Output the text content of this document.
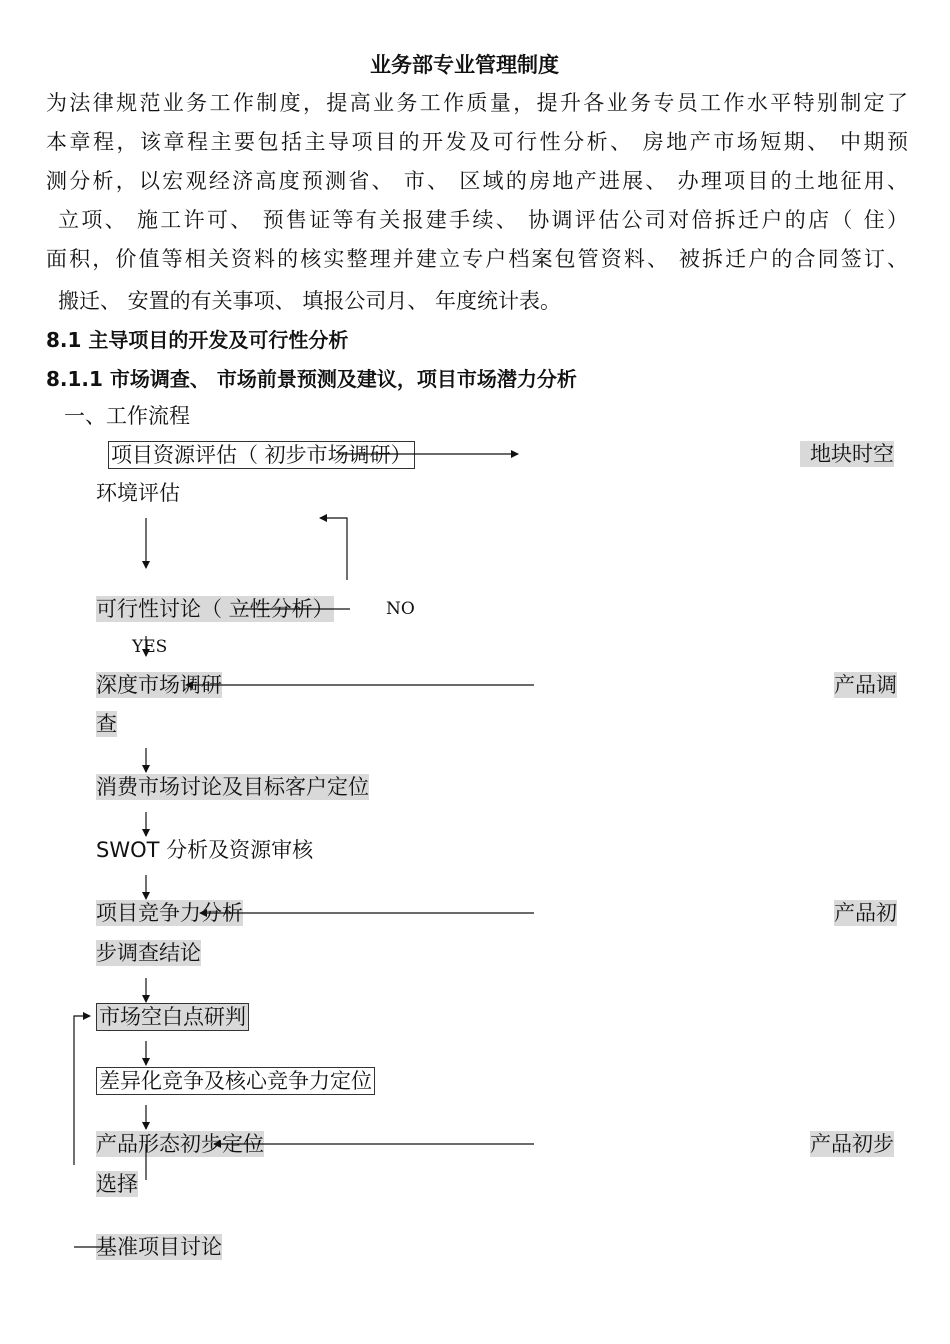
业务部专业管理制度
为法律规范业务工作制度，提高业务工作质量，提升各业务专员工作水平特别制定了
本章程，该章程主要包括主导项目的开发及可行性分析、 房地产市场短期、 中期预
测分析，以宏观经济高度预测省、 市、 区域的房地产进展、 办理项目的土地征用、
立项、 施工许可、 预售证等有关报建手续、 协调评估公司对倍拆迁户的店（ 住）
面积，价值等相关资料的核实整理并建立专户档案包管资料、 被拆迁户的合同签订、
搬迁、 安置的有关事项、 填报公司月、 年度统计表。
8.1 主导项目的开发及可行性分析
8.1.1 市场调查、 市场前景预测及建议，项目市场潜力分析
一、工作流程
项目资源评估（ 初步市场调研）	地块时空
环境评估
可行性讨论（ 立性分析）	NO
YES
深度市场调研	产品调
查
消费市场讨论及目标客户定位
SWOT 分析及资源审核
项目竞争力分析	产品初
步调查结论
市场空白点研判
差异化竞争及核心竞争力定位
产品形态初步定位	产品初步
选择
基准项目讨论
